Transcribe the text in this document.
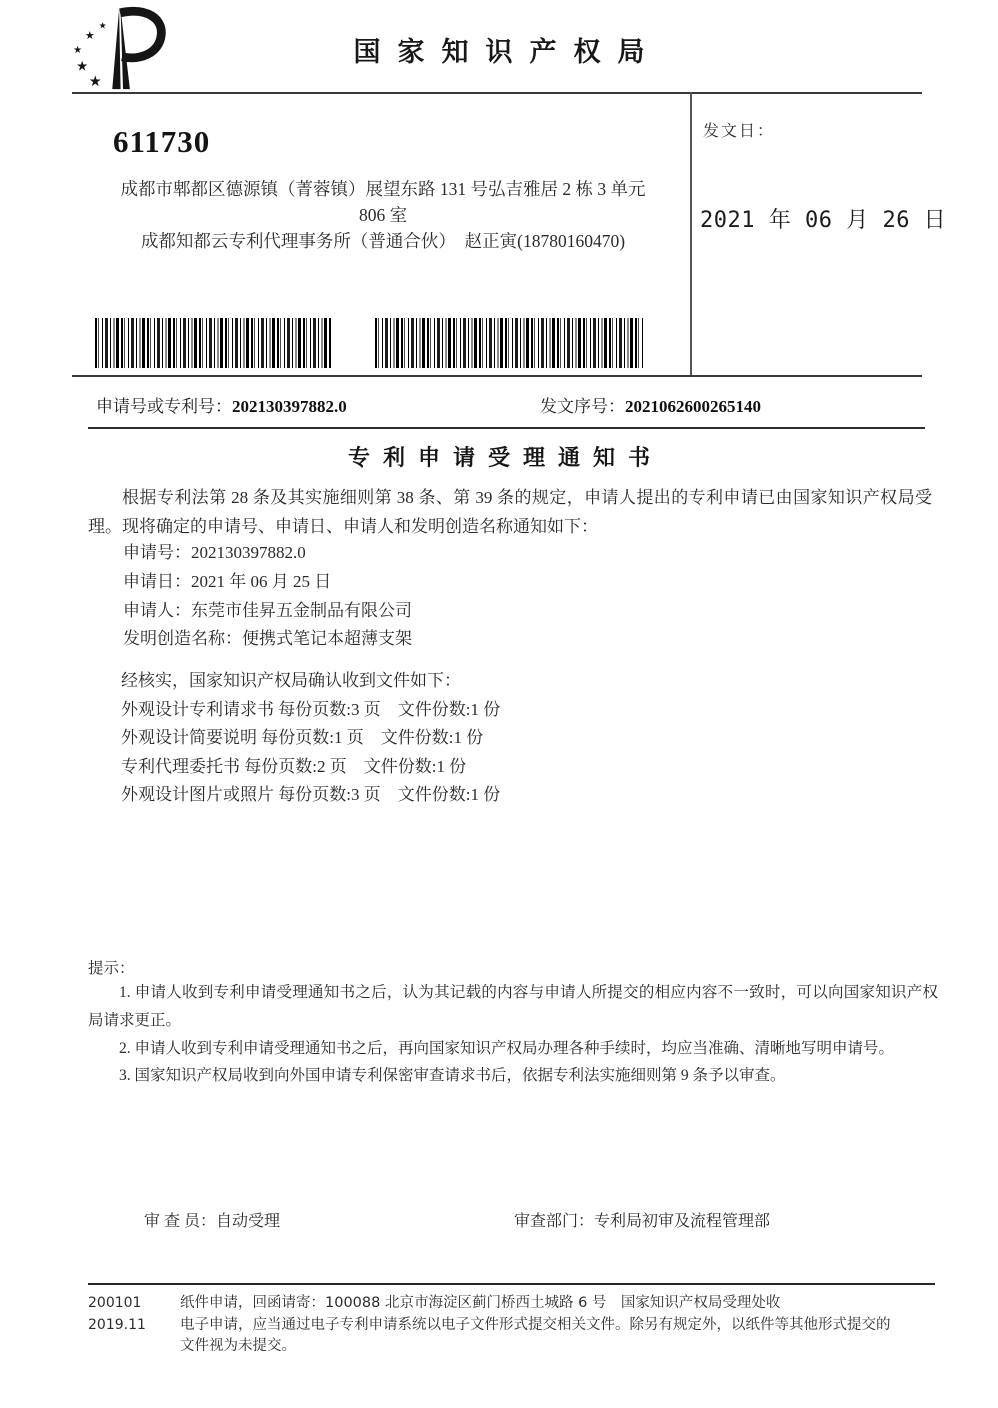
★
★
★
★
★
国家知识产权局
611730
成都市郫都区德源镇（菁蓉镇）展望东路 131 号弘吉雅居 2 栋 3 单元
806 室
成都知都云专利代理事务所（普通合伙）　赵正寅(18780160470)
发文日：
2021 年 06 月 26 日
申请号或专利号：202130397882.0	发文序号：2021062600265140
专利申请受理通知书
根据专利法第 28 条及其实施细则第 38 条、第 39 条的规定，申请人提出的专利申请已由国家知识产权局受理。现将确定的申请号、申请日、申请人和发明创造名称通知如下：
申请号：202130397882.0
申请日：2021 年 06 月 25 日
申请人：东莞市佳昇五金制品有限公司
发明创造名称：便携式笔记本超薄支架
经核实，国家知识产权局确认收到文件如下：
外观设计专利请求书 每份页数:3 页　文件份数:1 份
外观设计简要说明 每份页数:1 页　文件份数:1 份
专利代理委托书 每份页数:2 页　文件份数:1 份
外观设计图片或照片 每份页数:3 页　文件份数:1 份
提示：

1. 申请人收到专利申请受理通知书之后，认为其记载的内容与申请人所提交的相应内容不一致时，可以向国家知识产权局请求更正。

2. 申请人收到专利申请受理通知书之后，再向国家知识产权局办理各种手续时，均应当准确、清晰地写明申请号。

3. 国家知识产权局收到向外国申请专利保密审查请求书后，依据专利法实施细则第 9 条予以审查。

审 查 员：自动受理	审查部门：专利局初审及流程管理部
200101
2019.11
纸件申请，回函请寄：100088 北京市海淀区蓟门桥西土城路 6 号　国家知识产权局受理处收
电子申请，应当通过电子专利申请系统以电子文件形式提交相关文件。除另有规定外，以纸件等其他形式提交的
文件视为未提交。
